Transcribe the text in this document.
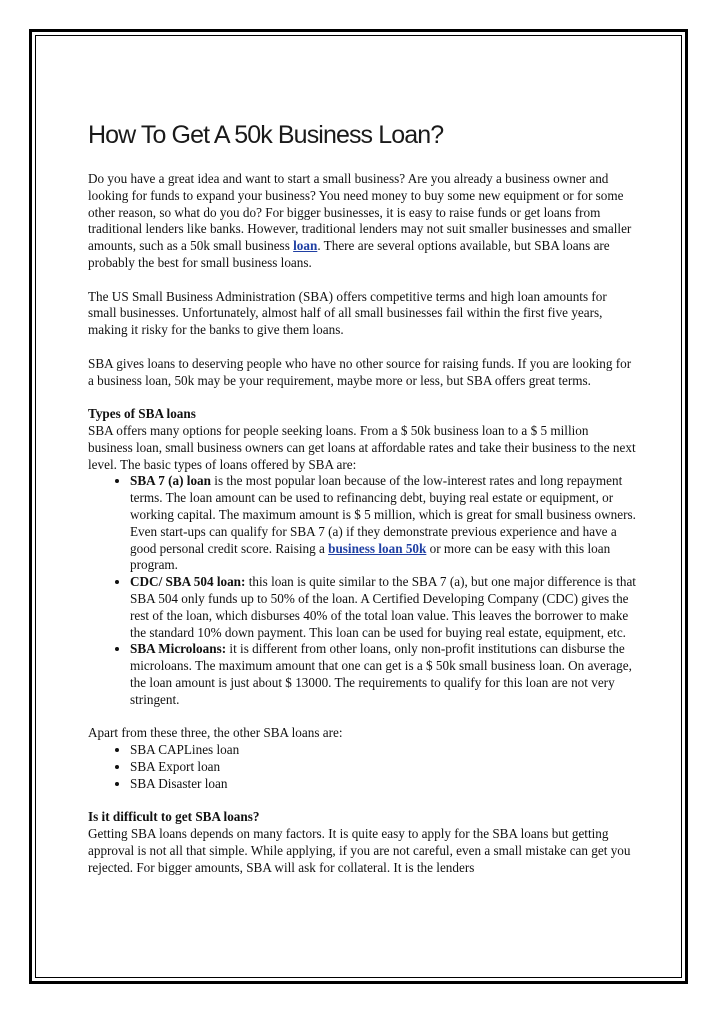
How To Get A 50k Business Loan?

Do you have a great idea and want to start a small business? Are you already a business owner and looking for funds to expand your business? You need money to buy some new equipment or for some other reason, so what do you do? For bigger businesses, it is easy to raise funds or get loans from traditional lenders like banks. However, traditional lenders may not suit smaller businesses and smaller amounts, such as a 50k small business loan. There are several options available, but SBA loans are probably the best for small business loans.

The US Small Business Administration (SBA) offers competitive terms and high loan amounts for small businesses. Unfortunately, almost half of all small businesses fail within the first five years, making it risky for the banks to give them loans.

SBA gives loans to deserving people who have no other source for raising funds. If you are looking for a business loan, 50k may be your requirement, maybe more or less, but SBA offers great terms.

Types of SBA loans
SBA offers many options for people seeking loans. From a $ 50k business loan to a $ 5 million business loan, small business owners can get loans at affordable rates and take their business to the next level. The basic types of loans offered by SBA are:
• SBA 7 (a) loan is the most popular loan because of the low-interest rates and long repayment terms. The loan amount can be used to refinancing debt, buying real estate or equipment, or working capital. The maximum amount is $ 5 million, which is great for small business owners. Even start-ups can qualify for SBA 7 (a) if they demonstrate previous experience and have a good personal credit score. Raising a business loan 50k or more can be easy with this loan program.
• CDC/ SBA 504 loan: this loan is quite similar to the SBA 7 (a), but one major difference is that SBA 504 only funds up to 50% of the loan. A Certified Developing Company (CDC) gives the rest of the loan, which disburses 40% of the total loan value. This leaves the borrower to make the standard 10% down payment. This loan can be used for buying real estate, equipment, etc.
• SBA Microloans: it is different from other loans, only non-profit institutions can disburse the microloans. The maximum amount that one can get is a $ 50k small business loan. On average, the loan amount is just about $ 13000. The requirements to qualify for this loan are not very stringent.
Apart from these three, the other SBA loans are:
• SBA CAPLines loan
• SBA Export loan
• SBA Disaster loan
Is it difficult to get SBA loans?
Getting SBA loans depends on many factors. It is quite easy to apply for the SBA loans but getting approval is not all that simple. While applying, if you are not careful, even a small mistake can get you rejected. For bigger amounts, SBA will ask for collateral. It is the lenders
